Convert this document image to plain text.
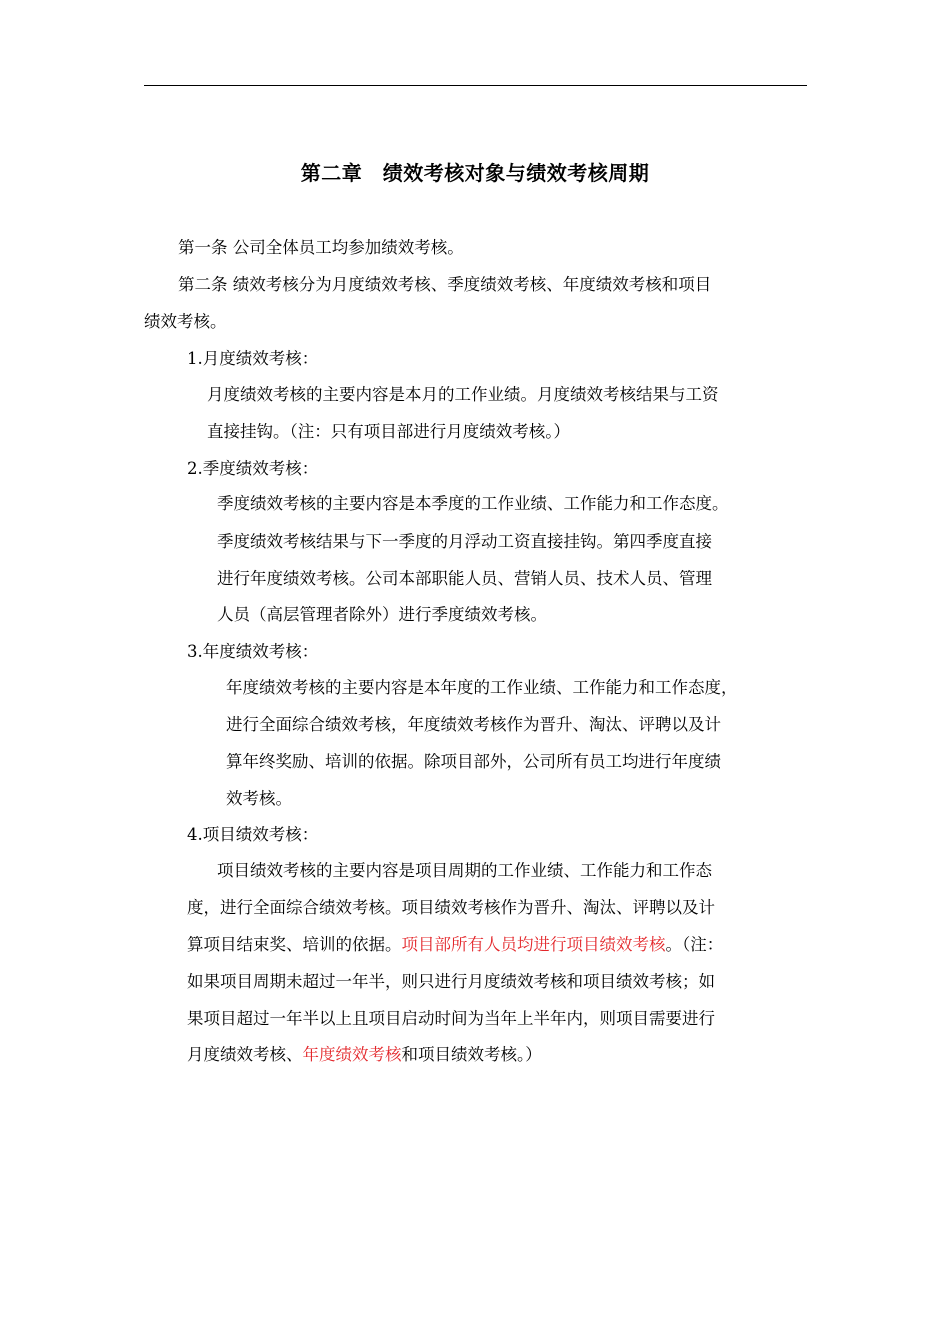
第二章　绩效考核对象与绩效考核周期
第一条 公司全体员工均参加绩效考核。
第二条 绩效考核分为月度绩效考核、季度绩效考核、年度绩效考核和项目
绩效考核。
1.月度绩效考核：
月度绩效考核的主要内容是本月的工作业绩。月度绩效考核结果与工资
直接挂钩。（注：只有项目部进行月度绩效考核。）
2.季度绩效考核：
季度绩效考核的主要内容是本季度的工作业绩、工作能力和工作态度。
季度绩效考核结果与下一季度的月浮动工资直接挂钩。第四季度直接
进行年度绩效考核。公司本部职能人员、营销人员、技术人员、管理
人员（高层管理者除外）进行季度绩效考核。
3.年度绩效考核：
年度绩效考核的主要内容是本年度的工作业绩、工作能力和工作态度，
进行全面综合绩效考核，年度绩效考核作为晋升、淘汰、评聘以及计
算年终奖励、培训的依据。除项目部外，公司所有员工均进行年度绩
效考核。
4.项目绩效考核：
项目绩效考核的主要内容是项目周期的工作业绩、工作能力和工作态
度，进行全面综合绩效考核。项目绩效考核作为晋升、淘汰、评聘以及计
算项目结束奖、培训的依据。项目部所有人员均进行项目绩效考核。（注：
如果项目周期未超过一年半，则只进行月度绩效考核和项目绩效考核；如
果项目超过一年半以上且项目启动时间为当年上半年内，则项目需要进行
月度绩效考核、年度绩效考核和项目绩效考核。）
